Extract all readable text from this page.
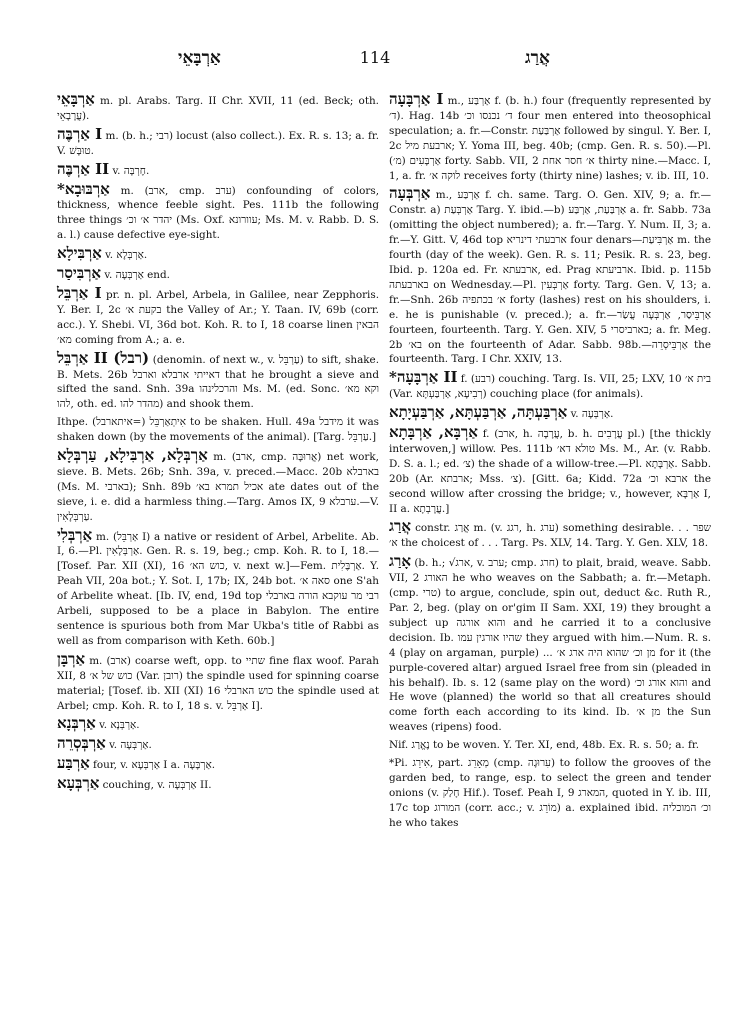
אַרְבָּאֵי	114	אֲרַג

אַרְבָּאֵי m. pl. Arabs. Targ. II Chr. XVII, 11 (ed. Beck; oth. עֲרָבָאֵי).

אַרְבֶּה I m. (b. h.; רבי) locust (also collect.). Ex. R. s. 13; a. fr. V. טוּבָּשׁ.

אַרְבֶּה II v. חֶרְבָּה.

*אַרְבּוּבָא m. (ארב, cmp. ערב) confounding of colors, thickness, whence feeble sight. Pes. 111b the following three things יהדר א׳ וכ׳ (Ms. Oxf. עוורונא; Ms. M. v. Rabb. D. S. a. l.) cause defective eye-sight.

אַרְבִּילָא v. אַרְבְּלָא.

אַרְבִּיסַר v. אַרְבְּעָה end.

אַרְבֵּל I pr. n. pl. Arbel, Arbela, in Galilee, near Zepphoris. Y. Ber. I, 2c בקעת א׳ the Valley of Ar.; Y. Taan. IV, 69b (corr. acc.). Y. Shebi. VI, 36d bot. Koh. R. to I, 18 coarse linen הבאין מא׳ coming from A.; a. e.

אַרְבֵּל II (רבל) (denomin. of next w., v. עַרְבֵּל) to sift, shake. B. Mets. 26b דאייתי ארבלא וארבל that he brought a sieve and sifted the sand. Snh. 39a והרכלינהו Ms. M. (ed. Sonc. וקא מא׳ להו, oth. ed. מהדר להו) and shook them.

Ithpe. אִיתְאַרְבֵּל (=איתארבל) to be shaken. Hull. 49a מידבל it was shaken down (by the movements of the animal). [Targ. עַרְבֵּל.]

אַרְבְּלָא, אַרְבִּילָא, עַרְבְּלָא m. (ארב, cmp. אֲרוּבָּה) net work, sieve. B. Mets. 26b; Snh. 39a, v. preced.—Macc. 20b בארבלא (Ms. M. בארבי); Snh. 89b אכיל תמרא בא׳ ate dates out of the sieve, i. e. did a harmless thing.—Targ. Amos IX, 9 ערבלא.—V. עַרְבְּלָאִין.

אַרְבְּלִי m. (אַרְבֵּל I) a native or resident of Arbel, Arbelite. Ab. I, 6.—Pl. אַרְבְּלָאִין. Gen. R. s. 19, beg.; cmp. Koh. R. to I, 18.—[Tosef. Par. XII (XI), 16 כוש הא׳, v. next w.]—Fem. אַרְבֶּלִית. Y. Peah VII, 20a bot.; Y. Sot. I, 17b; IX, 24b bot. סאה א׳ one S'ah of Arbelite wheat. [Ib. IV, end, 19d top רבי מר עוקבא הורה בארבלי Arbeli, supposed to be a place in Babylon. The entire sentence is spurious both from Mar Ukba's title of Rabbi as well as from comparison with Keth. 60b.]

אַרְבָּן m. (ארב) coarse weft, opp. to שתיי fine flax woof. Parah XII, 8 כוש של א׳ (Var. רובן) the spindle used for spinning coarse material; [Tosef. ib. XII (XI) 16 כוש הארבלי the spindle used at Arbel; cmp. Koh. R. to I, 18 s. v. אַרְבֵּל I].

אַרְבְּנָא v. אַרְבְּנָא.

אַרְבְּסְרֵה v. אַרְבְּעָה.

אַרְבַּע four, v. אַרְבְּעָא I a. אַרְבָּעָה.

אַרְבְּעָא couching, v. אַרְבְּעָה II.

אַרְבָּעָה I m., אַרְבַּע f. (b. h.) four (frequently represented by ד׳). Hag. 14b ד׳ נכנסו וכ׳ four men entered into theosophical speculation; a. fr.—Constr. אַרְבַּעַת followed by singul. Y. Ber. I, 2c ארבעת מיל; Y. Yoma III, beg. 40b; (cmp. Gen. R. s. 50).—Pl. אַרְבָּעִים (מ׳) forty. Sabb. VII, 2 א׳ חסר אחת thirty nine.—Macc. I, 1, a. fr. לוקה א׳ receives forty (thirty nine) lashes; v. ib. III, 10.

אַרְבְּעָה m., אַרְבַּע f. ch. same. Targ. O. Gen. XIV, 9; a. fr.— Constr. a) אַרְבְּעַת Targ. Y. ibid.—b) אַרְבַּעַת, אַרְבַּע a. fr. Sabb. 73a (omitting the object numbered); a. fr.—Targ. Y. Num. II, 3; a. fr.—Y. Gitt. V, 46d top ארבעתי דינריא four denars—אַרְבִּיעַת m. the fourth (day of the week). Gen. R. s. 11; Pesik. R. s. 23, beg. Ibid. p. 120a ed. Fr. ארבעתא, ed. Prag ארביעתא. Ibid. p. 115b בארבעתה on Wednesday.—Pl. אַרְבְּעִין forty. Targ. Gen. V, 13; a. fr.—Snh. 26b א׳ בכתפיה forty (lashes) rest on his shoulders, i. e. he is punishable (v. preced.); a. fr.—אַרְבֵּיסַר, אַרְבְּעָה עֲשַׂר fourteen, fourteenth. Targ. Y. Gen. XIV, 5 בארביסרי; a. fr. Meg. 2b בא׳ on the fourteenth of Adar. Sabb. 98b.—אַרְבֵּיסְרֵה the fourteenth. Targ. I Chr. XXIV, 13.

*אַרְבָּעָה II f. (רבע) couching. Targ. Is. VII, 25; LXV, 10 בית א׳ (Var. רְבִיעָא, אַרְבַּעְתָּא) couching place (for animals).

אַרְבַּעְתָּה, אַרְבַּעְתָּא, אַרְבַּעְיָתָא v. אַרְבְּעָה.

אַרְבָּא, אַרְבָּתָא f. (ארב, h. עֲרָבָה, b. h. עֲרָבִים pl.) [the thickly interwoven,] willow. Pes. 111b טולא דא׳ Ms. M., Ar. (v. Rabb. D. S. a. l.; ed. צ׳) the shade of a willow-tree.—Pl. אַרְבָּתָא. Sabb. 20b (Ar. ארבתא; Mss. צ׳). [Gitt. 6a; Kidd. 72a ארבא וכ׳ the second willow after crossing the bridge; v., however, אַרְבָּא I, II a. עֲרָבְתָא.]

אֲרַג constr. אֲרַג m. (v. רגג, h. ערג) something desirable. . . שפר א׳ the choicest of . . . Targ. Ps. XLV, 14. Targ. Y. Gen. XLV, 18.

אָרַג (b. h.; √ארג, v. ערב; cmp. חרג) to plait, braid, weave. Sabb. VII, 2 האורג he who weaves on the Sabbath; a. fr.—Metaph. (cmp. טרי) to argue, conclude, spin out, deduct &c. Ruth R., Par. 2, beg. (play on or'gim II Sam. XXI, 19) they brought a subject up והוא אורגה and he carried it to a conclusive decision. Ib. שהיו אורגין עמו they argued with him.—Num. R. s. 4 (play on argaman, purple) ... מן וכ׳ שהוא היה ארג א׳ for it (the purple-covered altar) argued Israel free from sin (pleaded in his behalf). Ib. s. 12 (same play on the word) והוא אורג וכ׳ and He wove (planned) the world so that all creatures should come forth each according to its kind. Ib. מן א׳ the Sun weaves (ripens) food.

Nif. נֶאֱרַג to be woven. Y. Ter. XI, end, 48b. Ex. R. s. 50; a. fr.

*Pi. אִירֵג, part. מְאָרֵג (cmp. עִרוּגָה) to follow the grooves of the garden bed, to range, esp. to select the green and tender onions (v. חָלַק Hif.). Tosef. Peah I, 9 המארג, quoted in Y. ib. III, 17c top המורוג (corr. acc.; v. מוֹרֵג) a. explained ibid. וכ׳ המוכליה he who takes
